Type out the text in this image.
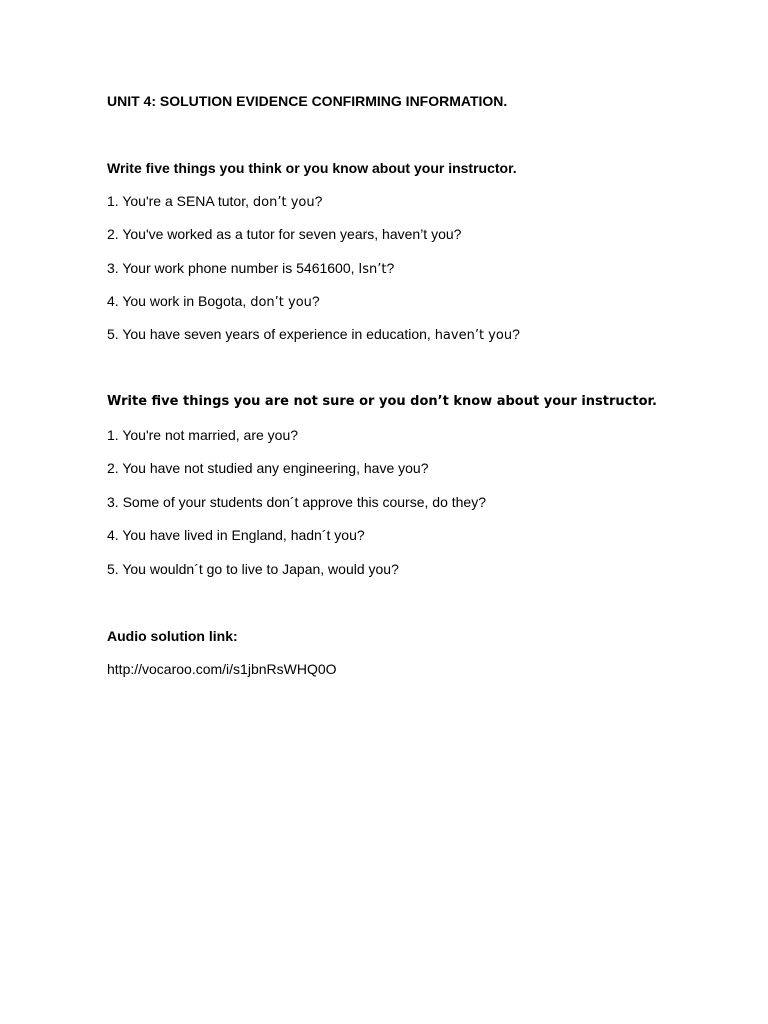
UNIT 4: SOLUTION EVIDENCE CONFIRMING INFORMATION.
Write five things you think or you know about your instructor.
1. You're a SENA tutor, don’t you?
2. You've worked as a tutor for seven years, haven’t you?
3. Your work phone number is 5461600, Isn’t?
4. You work in Bogota, don’t you?
5. You have seven years of experience in education, haven’t you?
Write five things you are not sure or you don’t know about your instructor.
1. You're not married, are you?
2. You have not studied any engineering, have you?
3. Some of your students don´t approve this course, do they?
4. You have lived in England, hadn´t you?
5. You wouldn´t go to live to Japan, would you?
Audio solution link:
http://vocaroo.com/i/s1jbnRsWHQ0O
